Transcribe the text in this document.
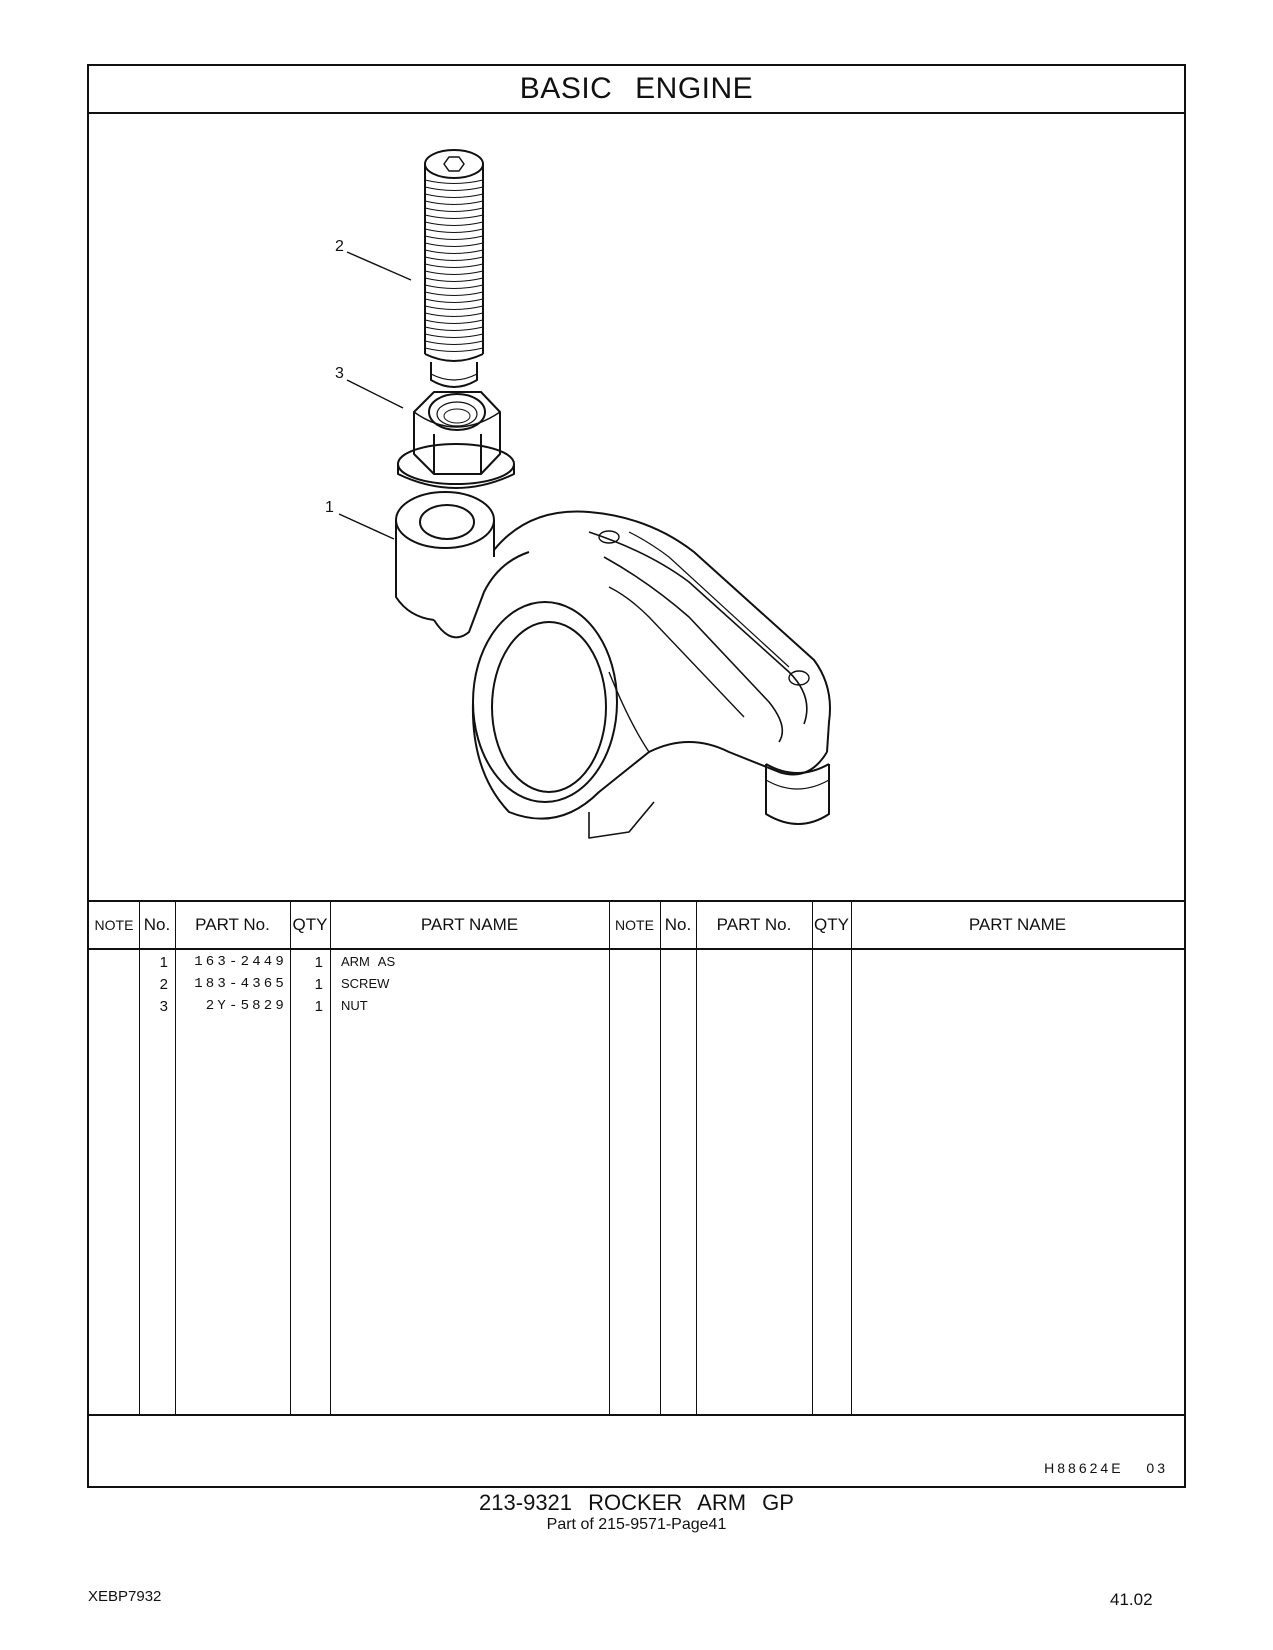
BASIC ENGINE
2
3
1
NOTE No.	PART No.	QTY	PART NAME	NOTE No.	PART No.	QTY	PART NAME
1	163-2449	1 ARM AS
2	183-4365	1 SCREW
3	2Y-5829	1 NUT
H88624E 03
213-9321 ROCKER ARM GP
Part of 215-9571-Page41
XEBP7932	41.02
